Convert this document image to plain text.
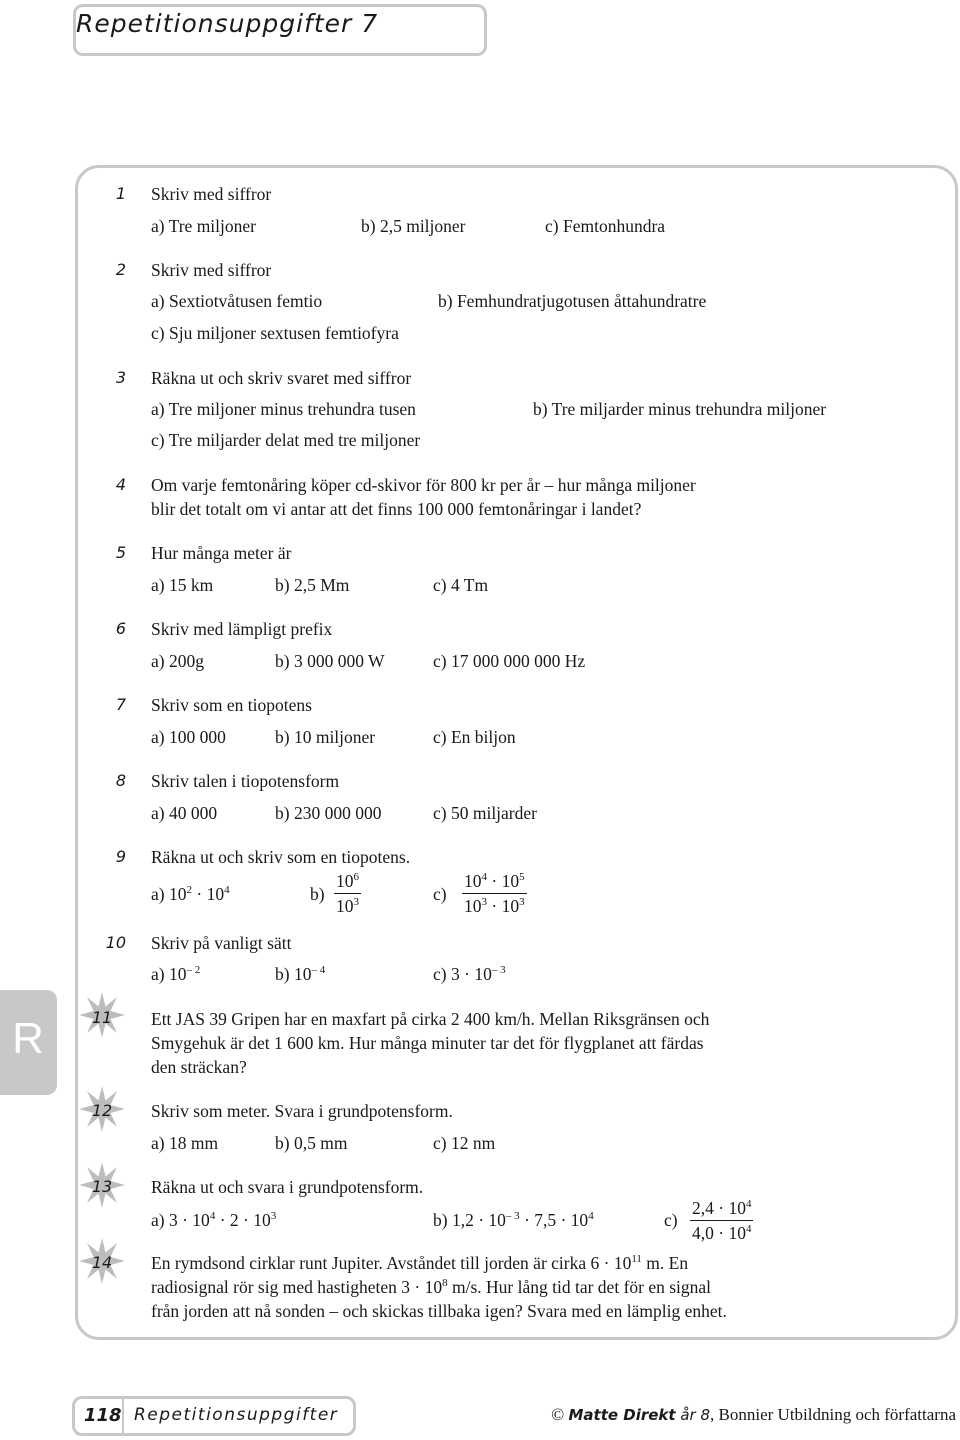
Repetitionsuppgifter 7
R
1 Skriv med siffror
a) Tre miljoner	b) 2,5 miljoner	c) Femtonhundra
2 Skriv med siffror
a) Sextiotvåtusen femtio	b) Femhundratjugotusen åttahundratre
c) Sju miljoner sextusen femtiofyra
3 Räkna ut och skriv svaret med siffror
a) Tre miljoner minus trehundra tusen	b) Tre miljarder minus trehundra miljoner
c) Tre miljarder delat med tre miljoner
4 Om varje femtonåring köper cd-skivor för 800 kr per år – hur många miljoner
blir det totalt om vi antar att det finns 100 000 femtonåringar i landet?
5 Hur många meter är
a) 15 km	b) 2,5 Mm	c) 4 Tm
6 Skriv med lämpligt prefix
a) 200g	b) 3 000 000 W	c) 17 000 000 000 Hz
7 Skriv som en tiopotens
a) 100 000	b) 10 miljoner	c) En biljon
8 Skriv talen i tiopotensform
a) 40 000	b) 230 000 000	c) 50 miljarder
9 Räkna ut och skriv som en tiopotens.
a) $10^2 \cdot 10^4$	$b) \frac{10^6}{10^3}$	$c) \frac{10^4 \cdot 10^5}{10^3 \cdot 10^3}$
10 Skriv på vanligt sätt
a) $10^{- 2}$	b) $10^{- 4}$	c) $3 \cdot 10^{- 3}$
11	Ett JAS 39 Gripen har en maxfart på cirka 2 400 km/h. Mellan Riksgränsen och
Smygehuk är det 1 600 km. Hur många minuter tar det för flygplanet att färdas
den sträckan?
12	Skriv som meter. Svara i grundpotensform.
a) 18 mm	b) 0,5 mm	c) 12 nm
13	Räkna ut och svara i grundpotensform.
a) $3 \cdot 10^4 \cdot 2 \cdot 10^3$	b) $1,2 \cdot 10^{- 3} \cdot 7,5 \cdot 10^4$	$c) \frac{2,4 \cdot 10^4}{4,0 \cdot 10^4}$
14	En rymdsond cirklar runt Jupiter. Avståndet till jorden är cirka $6 \cdot 10^{11}$ m. En
radiosignal rör sig med hastigheten $3 \cdot 10^8$ m/s. Hur lång tid tar det för en signal
från jorden att nå sonden – och skickas tillbaka igen? Svara med en lämplig enhet.
118 Repetitionsuppgifter	© Matte Direkt år 8, Bonnier Utbildning och författarna
